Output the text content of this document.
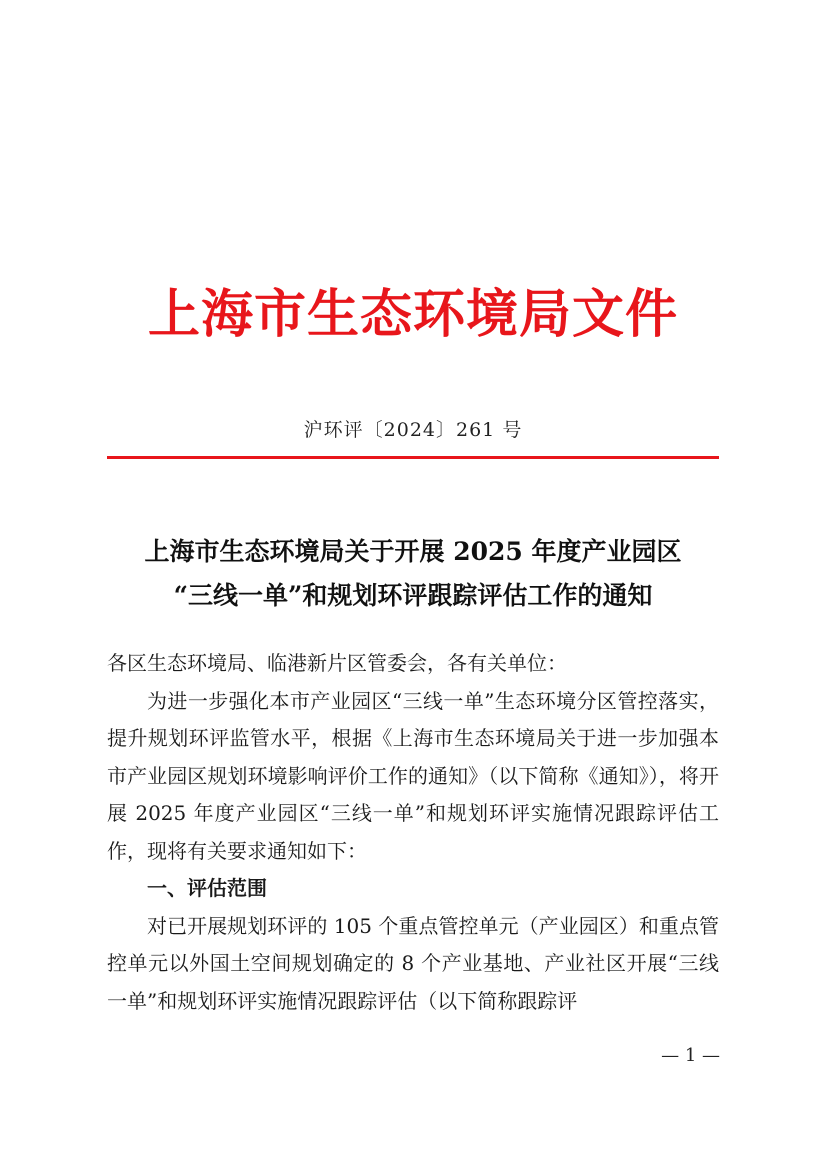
上海市生态环境局文件
沪环评〔2024〕261 号
上海市生态环境局关于开展 2025 年度产业园区
“三线一单”和规划环评跟踪评估工作的通知

各区生态环境局、临港新片区管委会，各有关单位：

为进一步强化本市产业园区“三线一单”生态环境分区管控落实，提升规划环评监管水平，根据《上海市生态环境局关于进一步加强本市产业园区规划环境影响评价工作的通知》（以下简称《通知》），将开展 2025 年度产业园区“三线一单”和规划环评实施情况跟踪评估工作，现将有关要求通知如下：

一、评估范围

对已开展规划环评的 105 个重点管控单元（产业园区）和重点管控单元以外国土空间规划确定的 8 个产业基地、产业社区开展“三线一单”和规划环评实施情况跟踪评估（以下简称跟踪评

— 1 —
